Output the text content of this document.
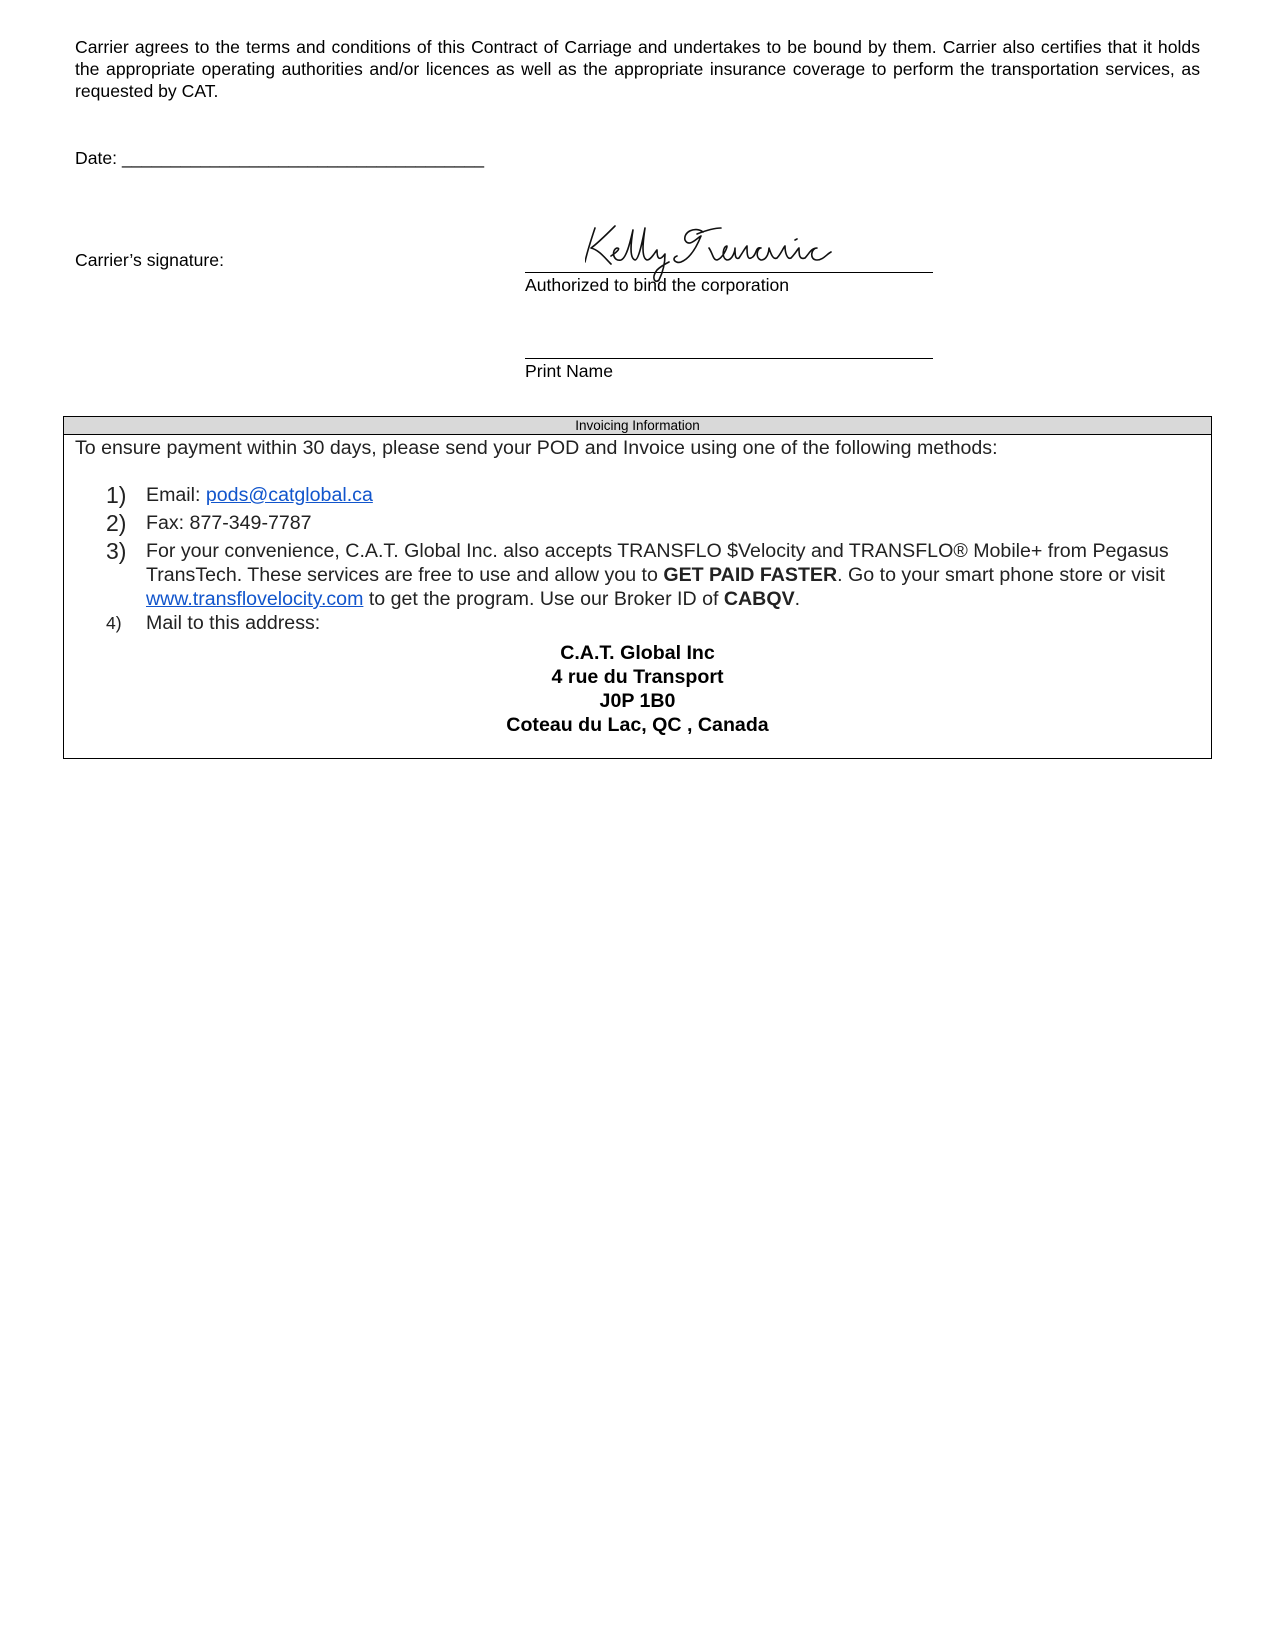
Carrier agrees to the terms and conditions of this Contract of Carriage and undertakes to be bound by them. Carrier also certifies that it holds the appropriate operating authorities and/or licences as well as the appropriate insurance coverage to perform the transportation services, as requested by CAT.
Date: _____________________________________
Carrier’s signature:
Authorized to bind the corporation
Print Name
Invoicing Information
To ensure payment within 30 days, please send your POD and Invoice using one of the following methods:
1) Email: pods@catglobal.ca
2) Fax: 877-349-7787
3) For your convenience, C.A.T. Global Inc. also accepts TRANSFLO $Velocity and TRANSFLO® Mobile+ from Pegasus TransTech. These services are free to use and allow you to GET PAID FASTER. Go to your smart phone store or visit www.transflovelocity.com to get the program. Use our Broker ID of CABQV.
4)	Mail to this address:
C.A.T. Global Inc
4 rue du Transport
J0P 1B0
Coteau du Lac, QC , Canada
